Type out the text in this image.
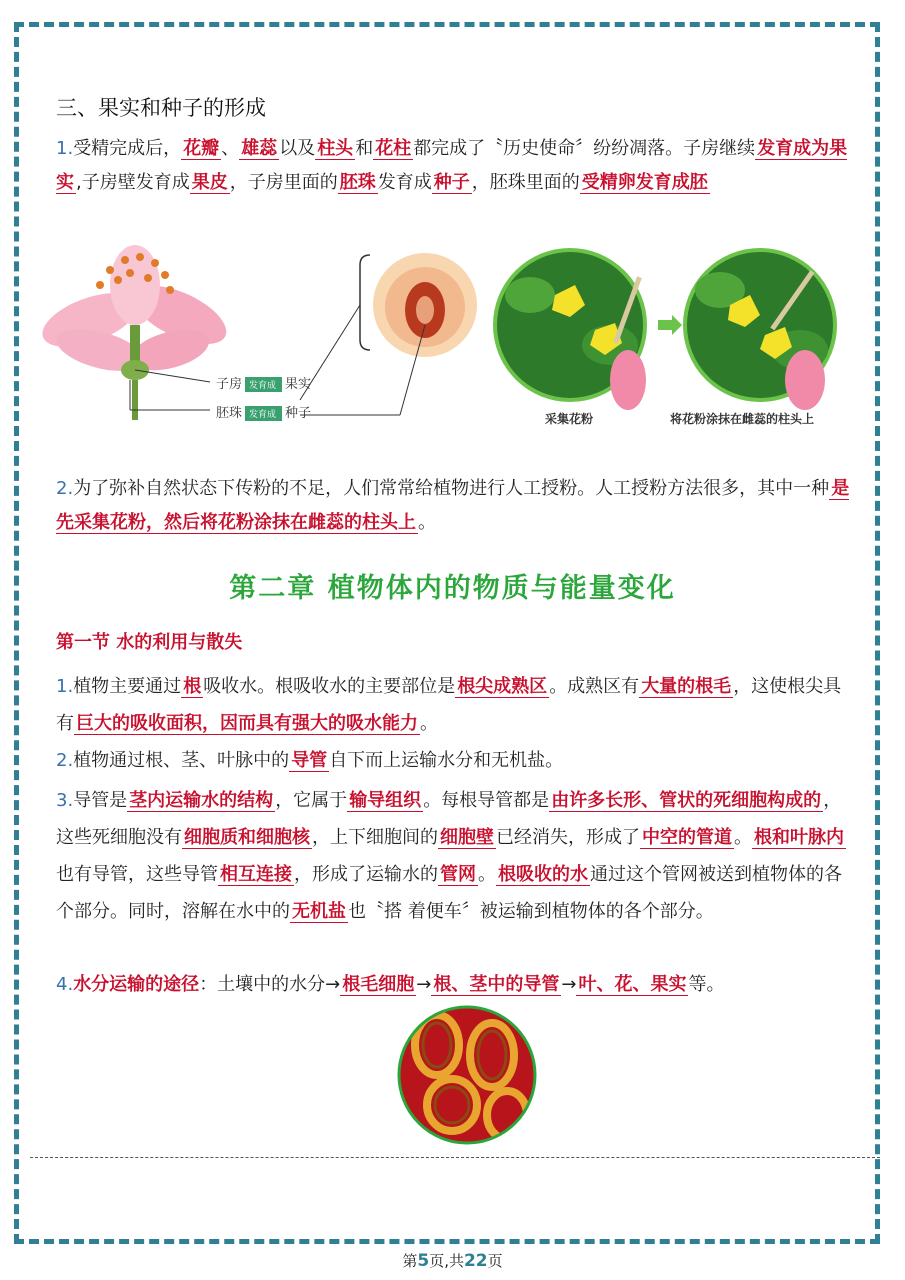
三、果实和种子的形成
1.受精完成后， 花瓣 、 雄蕊 以及 柱头 和 花柱 都完成了〝历史使命〞纷纷凋落。子房继续 发育成为果实 ,子房壁发育成 果皮 ，子房里面的 胚珠 发育成 种子 ，胚珠里面的 受精卵发育成胚
子房 发育成 果实
胚珠 发育成 种子	采集花粉	将花粉涂抹在雌蕊的柱头上
2.为了弥补自然状态下传粉的不足，人们常常给植物进行人工授粉。人工授粉方法很多，其中一种 是先采集花粉，然后将花粉涂抹在雌蕊的柱头上 。
第二章 植物体内的物质与能量变化
第一节 水的利用与散失
1.植物主要通过 根 吸收水。根吸收水的主要部位是 根尖成熟区 。成熟区有 大量的根毛 ，这使根尖具有 巨大的吸收面积，因而具有强大的吸水能力 。
2.植物通过根、茎、叶脉中的 导管 自下而上运输水分和无机盐。
3.导管是 茎内运输水的结构 ，它属于 输导组织 。每根导管都是 由许多长形、管状的死细胞构成的 ，这些死细胞没有 细胞质和细胞核 ，上下细胞间的 细胞壁 已经消失，形成了 中空的管道 。 根和叶脉内也有导管，这些导管 相互连接 ，形成了运输水的 管网 。 根吸收的水 通过这个管网被送到植物体的各个部分。同时，溶解在水中的 无机盐 也〝搭 着便车〞被运输到植物体的各个部分。
4.水分运输的途径：土壤中的水分→ 根毛细胞 → 根、茎中的导管 → 叶、花、果实 等。
第5页,共22页
